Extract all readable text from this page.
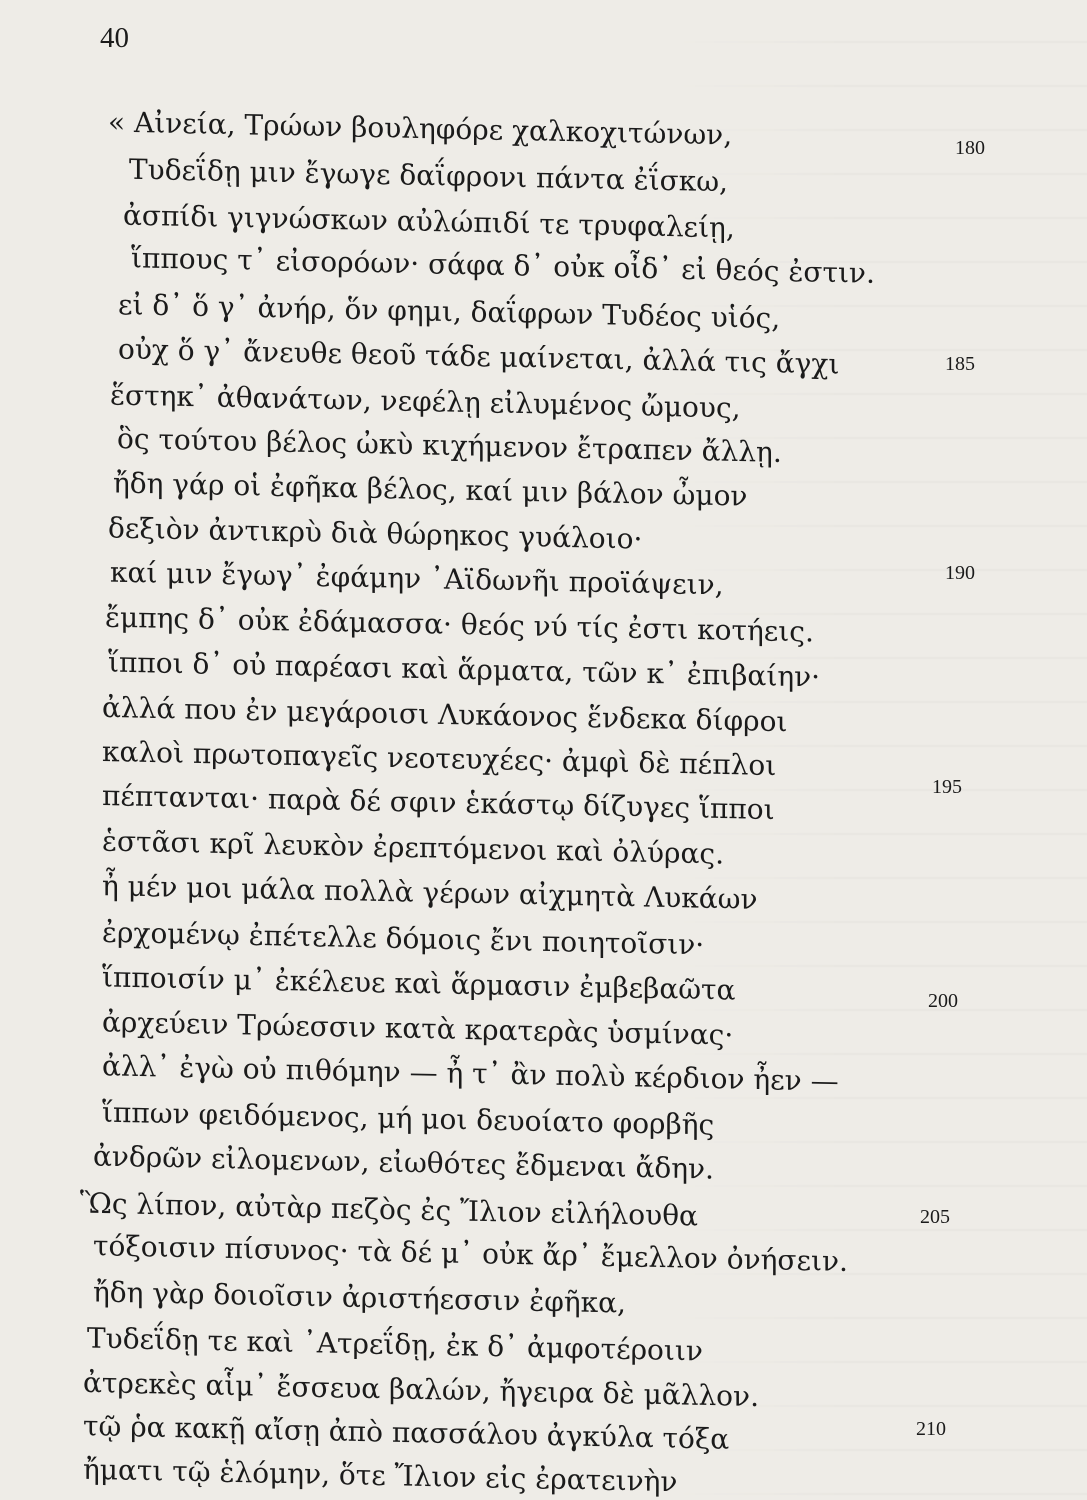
40
« Αἰνεία, Τρώων βουληφόρε χαλκοχιτώνων,	180
Τυδεΐδῃ μιν ἔγωγε δαΐφρονι πάντα ἐΐσκω,
ἀσπίδι γιγνώσκων αὐλώπιδί τε τρυφαλείῃ,
ἵππους τ᾽ εἰσορόων· σάφα δ᾽ οὐκ οἶδ᾽ εἰ θεός ἐστιν.
εἰ δ᾽ ὅ γ᾽ ἀνήρ, ὅν φημι, δαΐφρων Τυδέος υἱός,
οὐχ ὅ γ᾽ ἄνευθε θεοῦ τάδε μαίνεται, ἀλλά τις ἄγχι	185
ἕστηκ᾽ ἀθανάτων, νεφέλῃ εἰλυμένος ὤμους,
ὃς τούτου βέλος ὠκὺ κιχήμενον ἔτραπεν ἄλλῃ.
ἤδη γάρ οἱ ἐφῆκα βέλος, καί μιν βάλον ὦμον
δεξιὸν ἀντικρὺ διὰ θώρηκος γυάλοιο·
καί μιν ἔγωγ᾽ ἐφάμην ᾽Αϊδωνῆι προϊάψειν,	190
ἔμπης δ᾽ οὐκ ἐδάμασσα· θεός νύ τίς ἐστι κοτήεις.
ἵπποι δ᾽ οὐ παρέασι καὶ ἅρματα, τῶν κ᾽ ἐπιβαίην·
ἀλλά που ἐν μεγάροισι Λυκάονος ἕνδεκα δίφροι
καλοὶ πρωτοπαγεῖς νεοτευχέες· ἀμφὶ δὲ πέπλοι
πέπτανται· παρὰ δέ σφιν ἑκάστῳ δίζυγες ἵπποι	195
ἑστᾶσι κρῖ λευκὸν ἐρεπτόμενοι καὶ ὀλύρας.
ἦ μέν μοι μάλα πολλὰ γέρων αἰχμητὰ Λυκάων
ἐρχομένῳ ἐπέτελλε δόμοις ἔνι ποιητοῖσιν·
ἵπποισίν μ᾽ ἐκέλευε καὶ ἅρμασιν ἐμβεβαῶτα
ἀρχεύειν Τρώεσσιν κατὰ κρατερὰς ὑσμίνας·
200
ἀλλ᾽ ἐγὼ οὐ πιθόμην — ἦ τ᾽ ἂν πολὺ κέρδιον ἦεν —
ἵππων φειδόμενος, μή μοι δευοίατο φορβῆς
ἀνδρῶν εἰλομενων, εἰωθότες ἔδμεναι ἄδην.
Ὣς λίπον, αὐτὰρ πεζὸς ἐς Ἴλιον εἰλήλουθα
τόξοισιν πίσυνος· τὰ δέ μ᾽ οὐκ ἄρ᾽ ἔμελλον ὀνήσειν.
205
ἤδη γὰρ δοιοῖσιν ἀριστήεσσιν ἐφῆκα,
Τυδεΐδῃ τε καὶ ᾽Ατρεΐδῃ, ἐκ δ᾽ ἀμφοτέροιιν
ἀτρεκὲς αἷμ᾽ ἔσσευα βαλών, ἤγειρα δὲ μᾶλλον.
τῷ ῥα κακῇ αἴσῃ ἀπὸ πασσάλου ἀγκύλα τόξα
ἤματι τῷ ἑλόμην, ὅτε Ἴλιον εἰς ἐρατεινὴν
210
